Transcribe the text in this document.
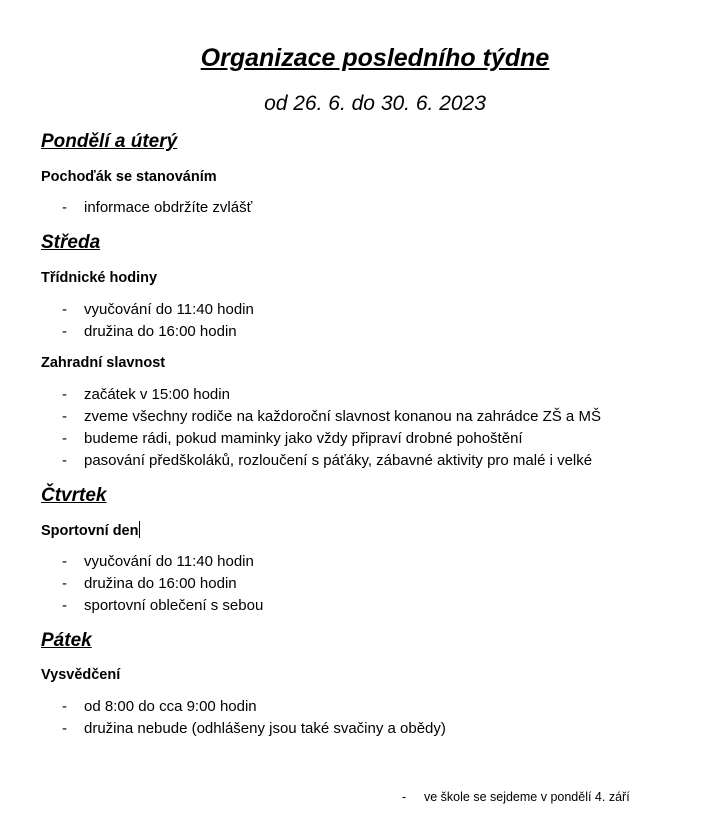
Organizace posledního týdne
od 26. 6. do 30. 6. 2023
Pondělí a úterý
Pochoďák se stanováním
- informace obdržíte zvlášť
Středa
Třídnické hodiny
- vyučování do 11:40 hodin
- družina do 16:00 hodin
Zahradní slavnost
- začátek v 15:00 hodin
- zveme všechny rodiče na každoroční slavnost konanou na zahrádce ZŠ a MŠ
- budeme rádi, pokud maminky jako vždy připraví drobné pohoštění
- pasování předškoláků, rozloučení s páťáky, zábavné aktivity pro malé i velké
Čtvrtek
Sportovní den
- vyučování do 11:40 hodin
- družina do 16:00 hodin
- sportovní oblečení s sebou
Pátek
Vysvědčení
- od 8:00 do cca 9:00 hodin
- družina nebude (odhlášeny jsou také svačiny a obědy)
- ve škole se sejdeme v pondělí 4. září
